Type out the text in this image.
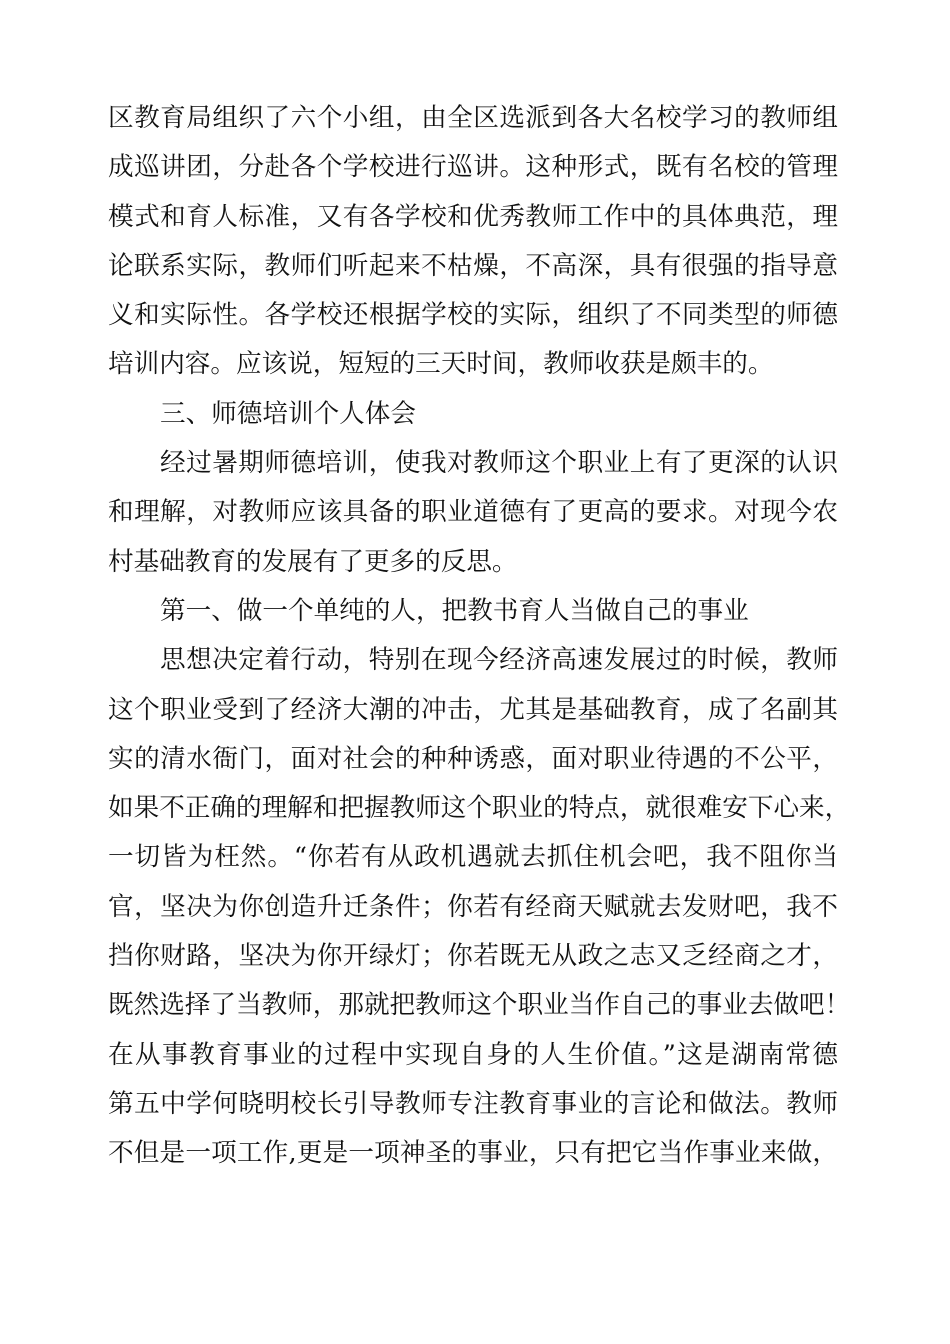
区教育局组织了六个小组，由全区选派到各大名校学习的教师组
成巡讲团，分赴各个学校进行巡讲。这种形式，既有名校的管理
模式和育人标准，又有各学校和优秀教师工作中的具体典范，理
论联系实际，教师们听起来不枯燥，不高深，具有很强的指导意
义和实际性。各学校还根据学校的实际，组织了不同类型的师德
培训内容。应该说，短短的三天时间，教师收获是颇丰的。
三、师德培训个人体会
经过暑期师德培训，使我对教师这个职业上有了更深的认识
和理解，对教师应该具备的职业道德有了更高的要求。对现今农
村基础教育的发展有了更多的反思。
第一、做一个单纯的人，把教书育人当做自己的事业
思想决定着行动，特别在现今经济高速发展过的时候，教师
这个职业受到了经济大潮的冲击，尤其是基础教育，成了名副其
实的清水衙门，面对社会的种种诱惑，面对职业待遇的不公平，
如果不正确的理解和把握教师这个职业的特点，就很难安下心来，
一切皆为枉然。“你若有从政机遇就去抓住机会吧，我不阻你当
官，坚决为你创造升迁条件；你若有经商天赋就去发财吧，我不
挡你财路，坚决为你开绿灯；你若既无从政之志又乏经商之才，
既然选择了当教师，那就把教师这个职业当作自己的事业去做吧！
在从事教育事业的过程中实现自身的人生价值。”这是湖南常德
第五中学何晓明校长引导教师专注教育事业的言论和做法。教师
不但是一项工作,更是一项神圣的事业，只有把它当作事业来做，
